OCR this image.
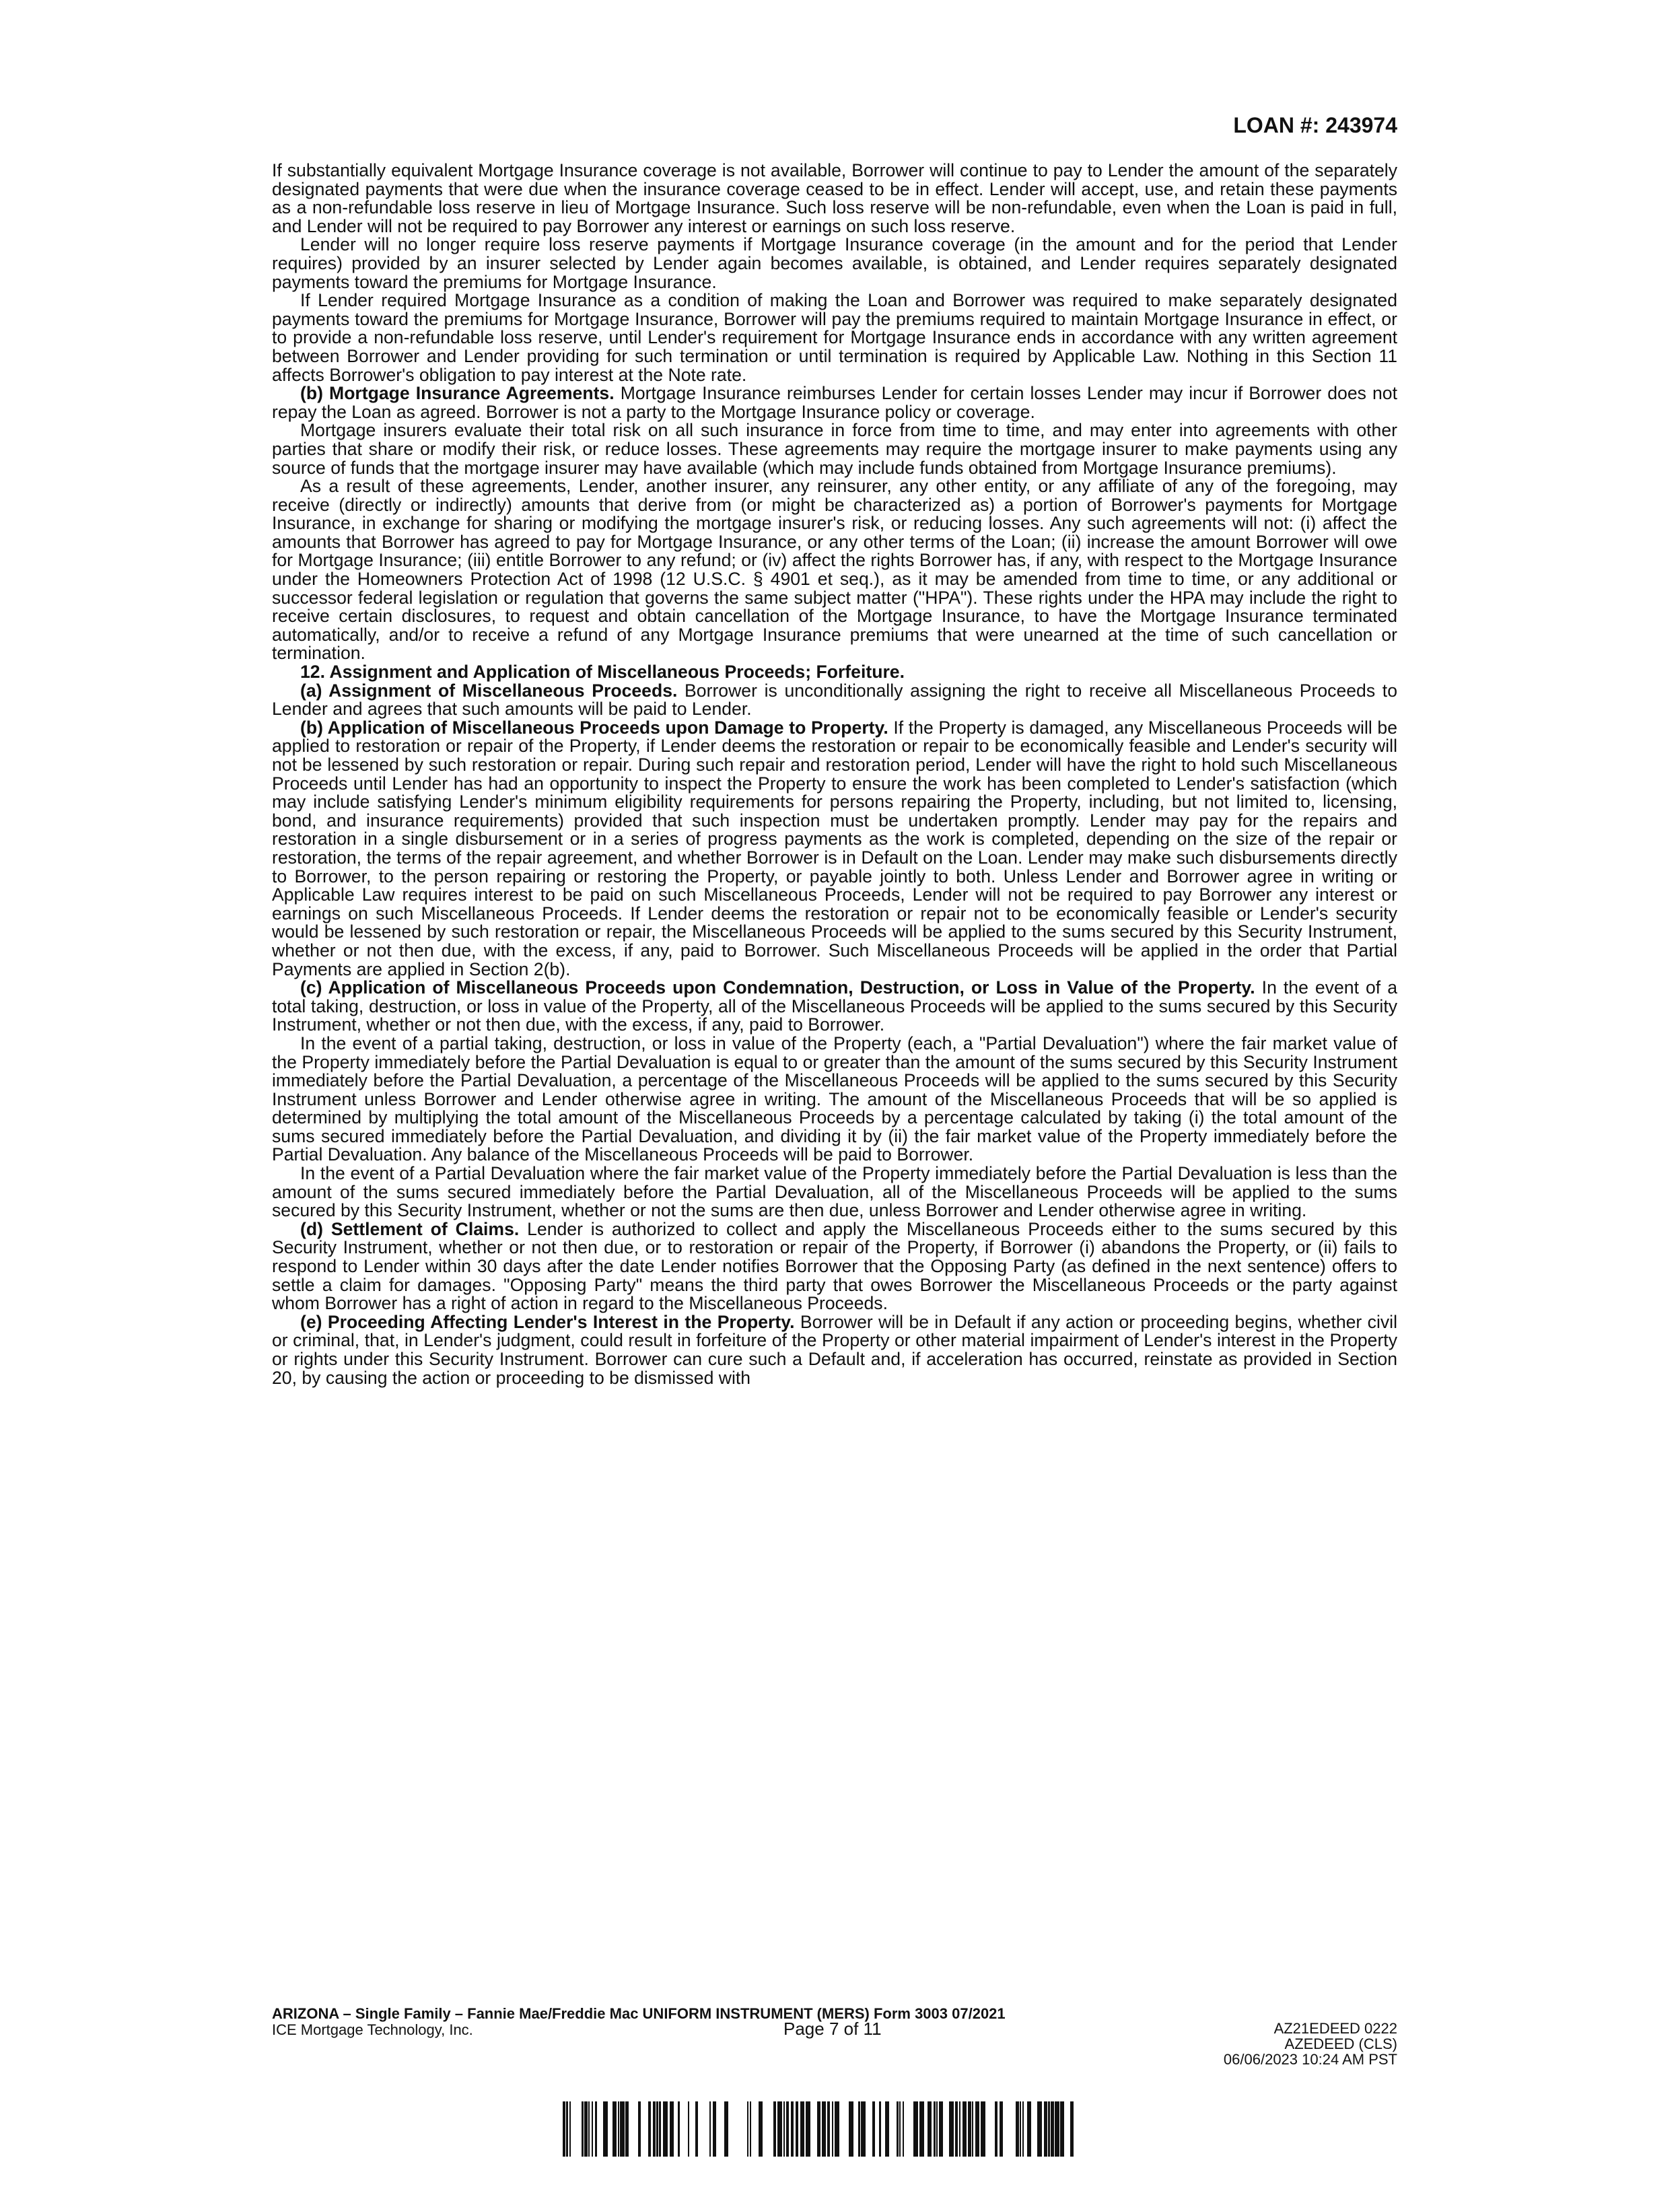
LOAN #: 243974

If substantially equivalent Mortgage Insurance coverage is not available, Borrower will continue to pay to Lender the amount of the separately designated payments that were due when the insurance coverage ceased to be in effect. Lender will accept, use, and retain these payments as a non-refundable loss reserve in lieu of Mortgage Insurance. Such loss reserve will be non-refundable, even when the Loan is paid in full, and Lender will not be required to pay Borrower any interest or earnings on such loss reserve.

Lender will no longer require loss reserve payments if Mortgage Insurance coverage (in the amount and for the period that Lender requires) provided by an insurer selected by Lender again becomes available, is obtained, and Lender requires separately designated payments toward the premiums for Mortgage Insurance.

If Lender required Mortgage Insurance as a condition of making the Loan and Borrower was required to make separately designated payments toward the premiums for Mortgage Insurance, Borrower will pay the premiums required to maintain Mortgage Insurance in effect, or to provide a non-refundable loss reserve, until Lender's requirement for Mortgage Insurance ends in accordance with any written agreement between Borrower and Lender providing for such termination or until termination is required by Applicable Law. Nothing in this Section 11 affects Borrower's obligation to pay interest at the Note rate.

(b) Mortgage Insurance Agreements. Mortgage Insurance reimburses Lender for certain losses Lender may incur if Borrower does not repay the Loan as agreed. Borrower is not a party to the Mortgage Insurance policy or coverage.

Mortgage insurers evaluate their total risk on all such insurance in force from time to time, and may enter into agreements with other parties that share or modify their risk, or reduce losses. These agreements may require the mortgage insurer to make payments using any source of funds that the mortgage insurer may have available (which may include funds obtained from Mortgage Insurance premiums).

As a result of these agreements, Lender, another insurer, any reinsurer, any other entity, or any affiliate of any of the foregoing, may receive (directly or indirectly) amounts that derive from (or might be characterized as) a portion of Borrower's payments for Mortgage Insurance, in exchange for sharing or modifying the mortgage insurer's risk, or reducing losses. Any such agreements will not: (i) affect the amounts that Borrower has agreed to pay for Mortgage Insurance, or any other terms of the Loan; (ii) increase the amount Borrower will owe for Mortgage Insurance; (iii) entitle Borrower to any refund; or (iv) affect the rights Borrower has, if any, with respect to the Mortgage Insurance under the Homeowners Protection Act of 1998 (12 U.S.C. § 4901 et seq.), as it may be amended from time to time, or any additional or successor federal legislation or regulation that governs the same subject matter ("HPA"). These rights under the HPA may include the right to receive certain disclosures, to request and obtain cancellation of the Mortgage Insurance, to have the Mortgage Insurance terminated automatically, and/or to receive a refund of any Mortgage Insurance premiums that were unearned at the time of such cancellation or termination.

12. Assignment and Application of Miscellaneous Proceeds; Forfeiture.

(a) Assignment of Miscellaneous Proceeds. Borrower is unconditionally assigning the right to receive all Miscellaneous Proceeds to Lender and agrees that such amounts will be paid to Lender.

(b) Application of Miscellaneous Proceeds upon Damage to Property. If the Property is damaged, any Miscellaneous Proceeds will be applied to restoration or repair of the Property, if Lender deems the restoration or repair to be economically feasible and Lender's security will not be lessened by such restoration or repair. During such repair and restoration period, Lender will have the right to hold such Miscellaneous Proceeds until Lender has had an opportunity to inspect the Property to ensure the work has been completed to Lender's satisfaction (which may include satisfying Lender's minimum eligibility requirements for persons repairing the Property, including, but not limited to, licensing, bond, and insurance requirements) provided that such inspection must be undertaken promptly. Lender may pay for the repairs and restoration in a single disbursement or in a series of progress payments as the work is completed, depending on the size of the repair or restoration, the terms of the repair agreement, and whether Borrower is in Default on the Loan. Lender may make such disbursements directly to Borrower, to the person repairing or restoring the Property, or payable jointly to both. Unless Lender and Borrower agree in writing or Applicable Law requires interest to be paid on such Miscellaneous Proceeds, Lender will not be required to pay Borrower any interest or earnings on such Miscellaneous Proceeds. If Lender deems the restoration or repair not to be economically feasible or Lender's security would be lessened by such restoration or repair, the Miscellaneous Proceeds will be applied to the sums secured by this Security Instrument, whether or not then due, with the excess, if any, paid to Borrower. Such Miscellaneous Proceeds will be applied in the order that Partial Payments are applied in Section 2(b).

(c) Application of Miscellaneous Proceeds upon Condemnation, Destruction, or Loss in Value of the Property. In the event of a total taking, destruction, or loss in value of the Property, all of the Miscellaneous Proceeds will be applied to the sums secured by this Security Instrument, whether or not then due, with the excess, if any, paid to Borrower.

In the event of a partial taking, destruction, or loss in value of the Property (each, a "Partial Devaluation") where the fair market value of the Property immediately before the Partial Devaluation is equal to or greater than the amount of the sums secured by this Security Instrument immediately before the Partial Devaluation, a percentage of the Miscellaneous Proceeds will be applied to the sums secured by this Security Instrument unless Borrower and Lender otherwise agree in writing. The amount of the Miscellaneous Proceeds that will be so applied is determined by multiplying the total amount of the Miscellaneous Proceeds by a percentage calculated by taking (i) the total amount of the sums secured immediately before the Partial Devaluation, and dividing it by (ii) the fair market value of the Property immediately before the Partial Devaluation. Any balance of the Miscellaneous Proceeds will be paid to Borrower.

In the event of a Partial Devaluation where the fair market value of the Property immediately before the Partial Devaluation is less than the amount of the sums secured immediately before the Partial Devaluation, all of the Miscellaneous Proceeds will be applied to the sums secured by this Security Instrument, whether or not the sums are then due, unless Borrower and Lender otherwise agree in writing.

(d) Settlement of Claims. Lender is authorized to collect and apply the Miscellaneous Proceeds either to the sums secured by this Security Instrument, whether or not then due, or to restoration or repair of the Property, if Borrower (i) abandons the Property, or (ii) fails to respond to Lender within 30 days after the date Lender notifies Borrower that the Opposing Party (as defined in the next sentence) offers to settle a claim for damages. "Opposing Party" means the third party that owes Borrower the Miscellaneous Proceeds or the party against whom Borrower has a right of action in regard to the Miscellaneous Proceeds.

(e) Proceeding Affecting Lender's Interest in the Property. Borrower will be in Default if any action or proceeding begins, whether civil or criminal, that, in Lender's judgment, could result in forfeiture of the Property or other material impairment of Lender's interest in the Property or rights under this Security Instrument. Borrower can cure such a Default and, if acceleration has occurred, reinstate as provided in Section 20, by causing the action or proceeding to be dismissed with

ARIZONA – Single Family – Fannie Mae/Freddie Mac UNIFORM INSTRUMENT (MERS) Form 3003 07/2021
ICE Mortgage Technology, Inc.	Page 7 of 11	AZ21EDEED 0222
AZEDEED (CLS)
06/06/2023 10:24 AM PST
